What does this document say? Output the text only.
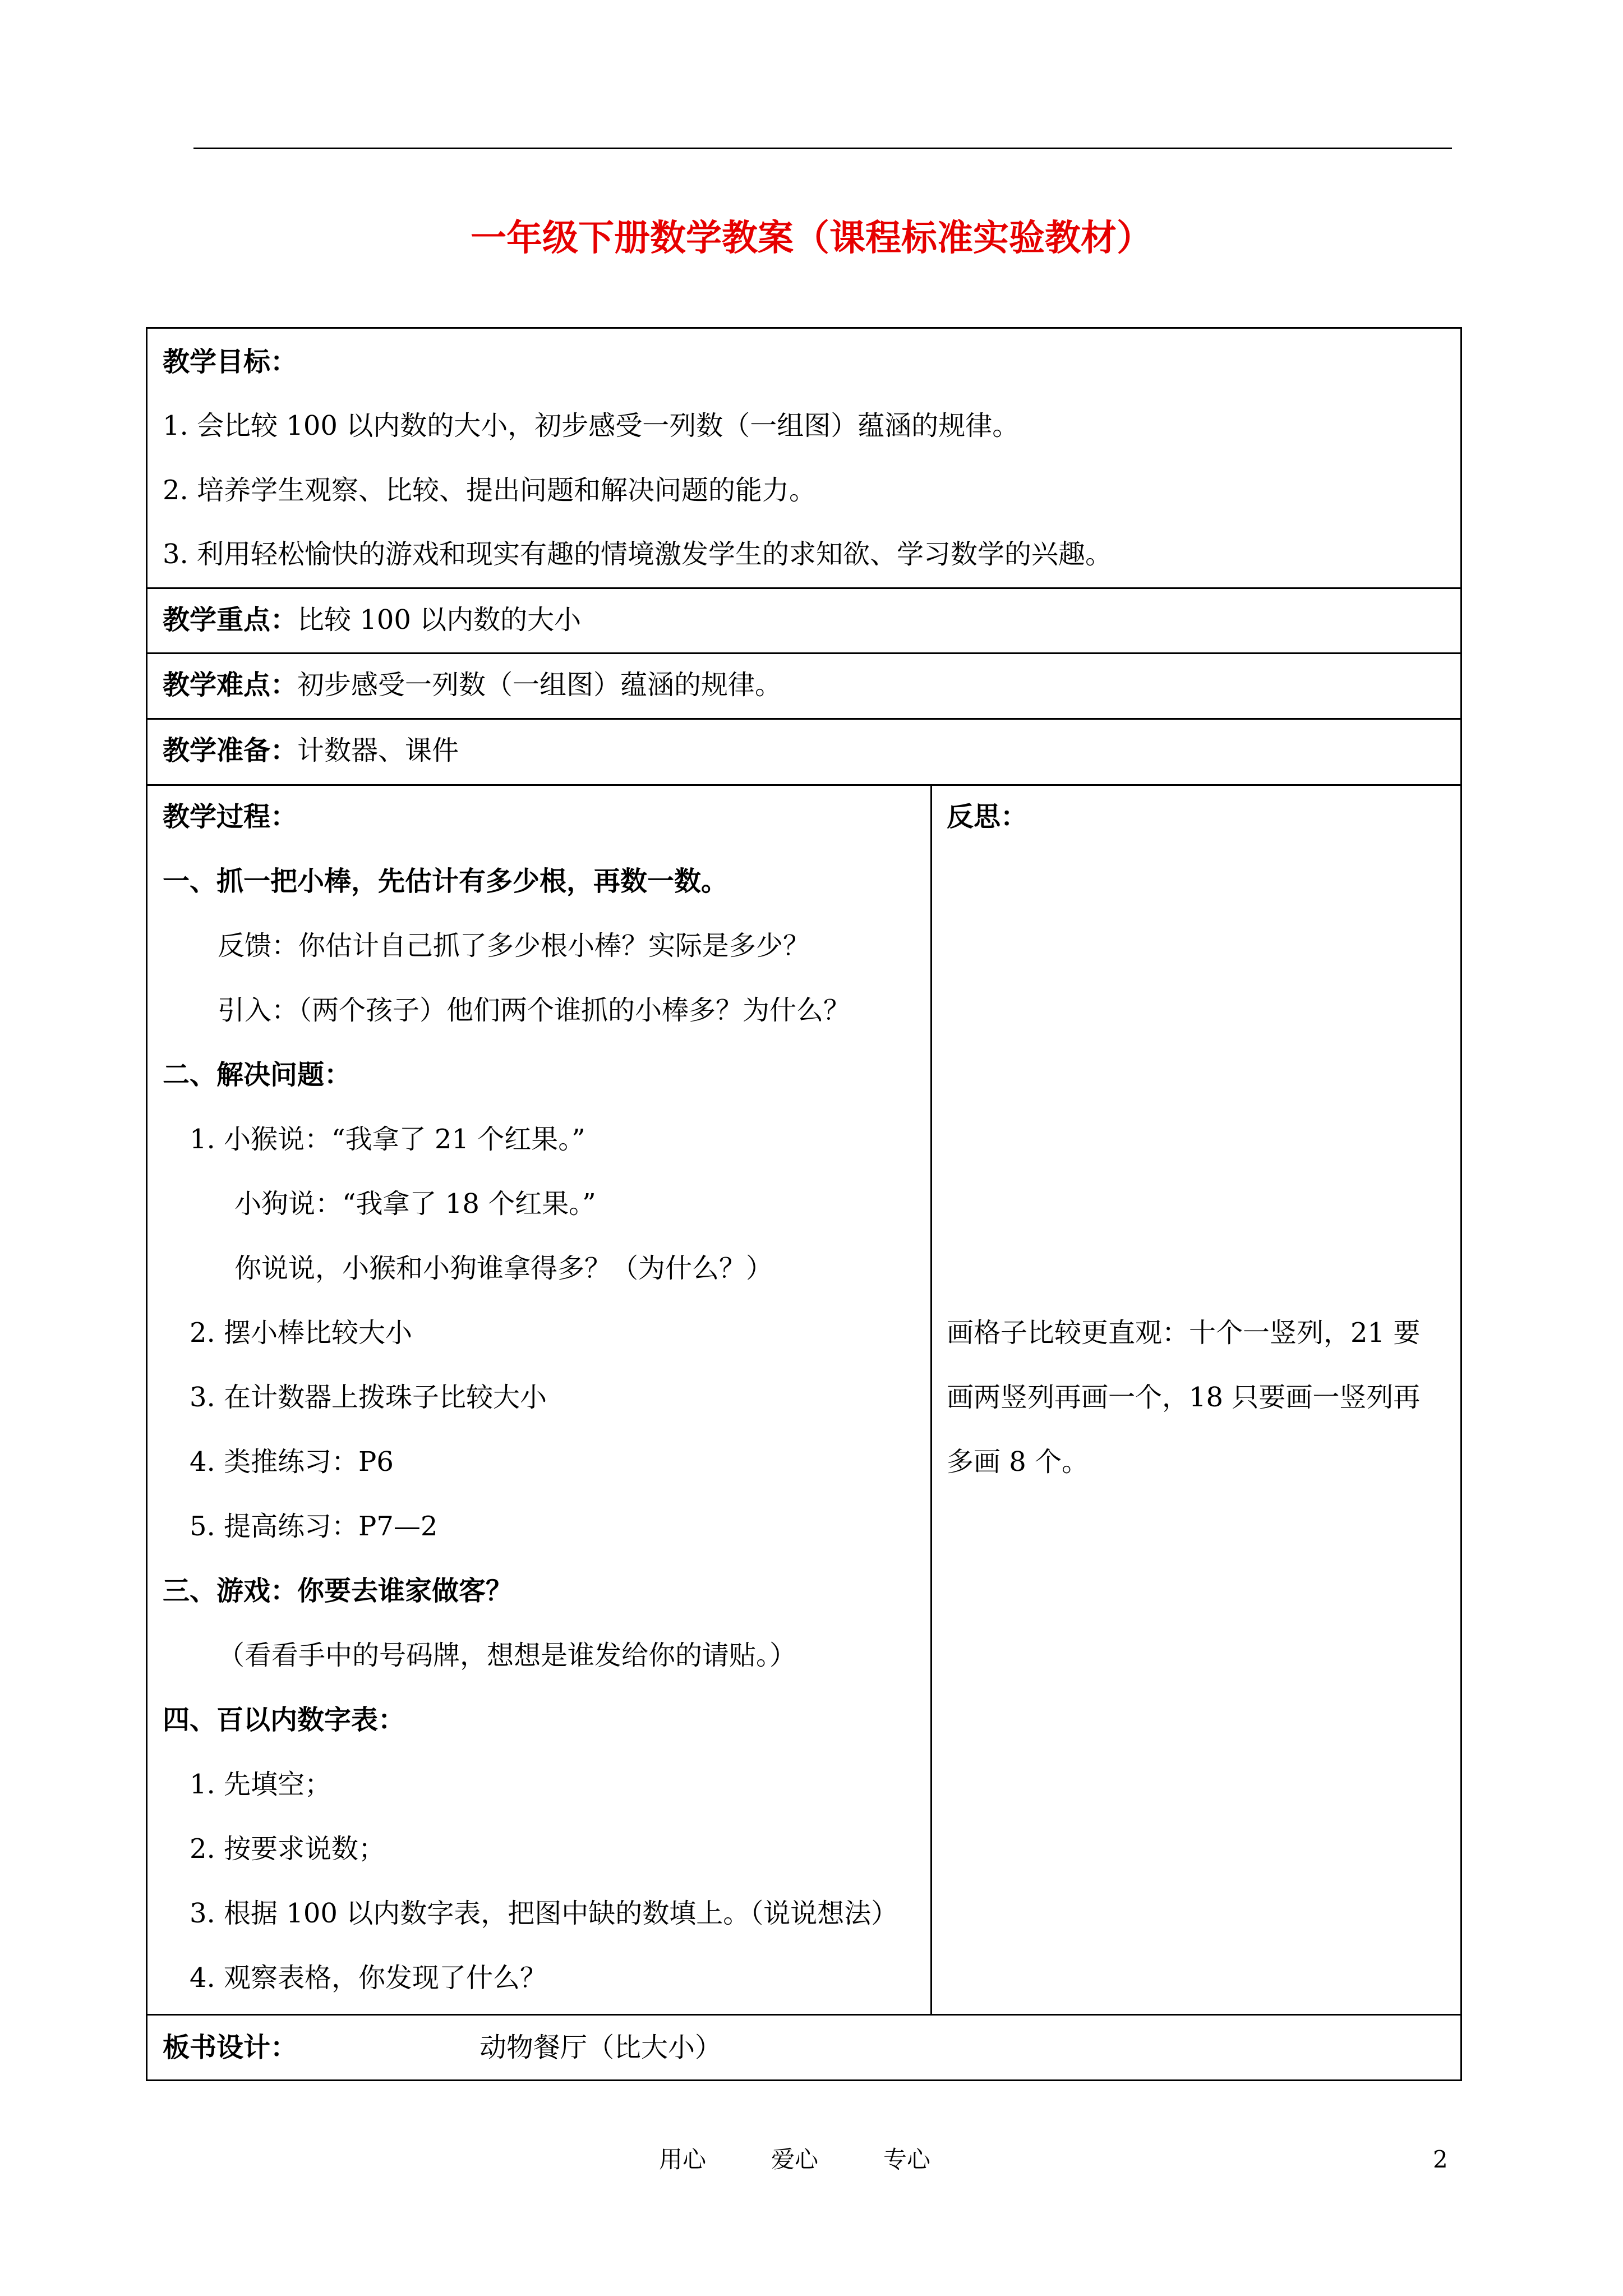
一年级下册数学教案（课程标准实验教材）
教学目标：
1. 会比较 100 以内数的大小，初步感受一列数（一组图）蕴涵的规律。
2. 培养学生观察、比较、提出问题和解决问题的能力。
3. 利用轻松愉快的游戏和现实有趣的情境激发学生的求知欲、学习数学的兴趣。
教学重点：比较 100 以内数的大小
教学难点：初步感受一列数（一组图）蕴涵的规律。
教学准备：计数器、课件
教学过程：
一、抓一把小棒，先估计有多少根，再数一数。
反馈：你估计自己抓了多少根小棒？实际是多少？
引入：（两个孩子）他们两个谁抓的小棒多？为什么？
二、解决问题：
1. 小猴说：“我拿了 21 个红果。”
小狗说：“我拿了 18 个红果。”
你说说，小猴和小狗谁拿得多？（为什么？）
2. 摆小棒比较大小
3. 在计数器上拨珠子比较大小
4. 类推练习：P6
5. 提高练习：P7—2
三、游戏：你要去谁家做客？
（看看手中的号码牌，想想是谁发给你的请贴。）
四、百以内数字表：
1. 先填空；
2. 按要求说数；
3. 根据 100 以内数字表，把图中缺的数填上。（说说想法）
4. 观察表格，你发现了什么？
反思：
画格子比较更直观：十个一竖列，21 要
画两竖列再画一个，18 只要画一竖列再
多画 8 个。
板书设计：	动物餐厅（比大小）
用心	爱心	专心	2
